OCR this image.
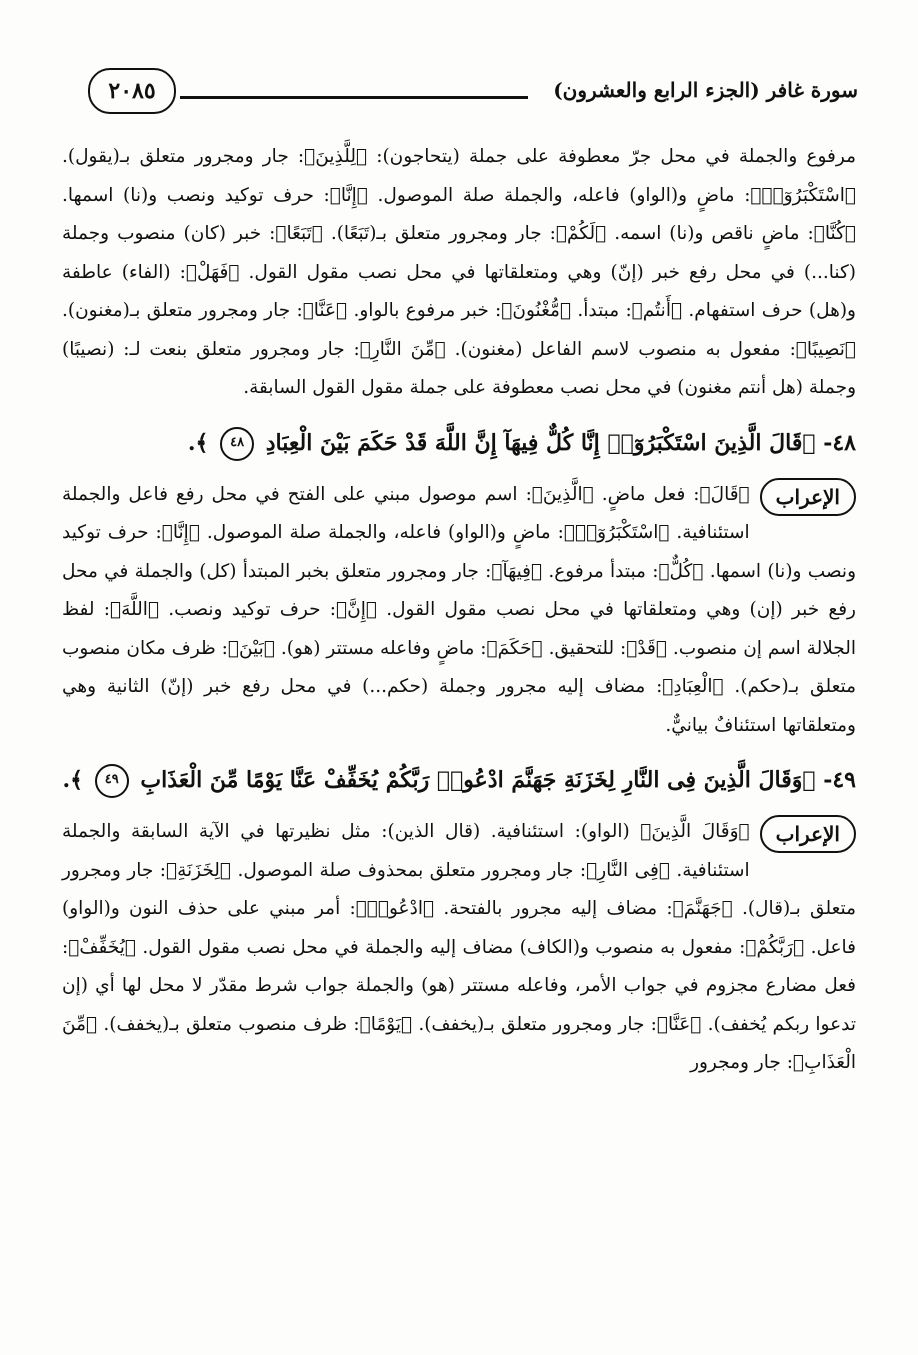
سورة غافر (الجزء الرابع والعشرون)
٢٠٨٥

مرفوع والجملة في محل جرّ معطوفة على جملة (يتحاجون): ﴿لِلَّذِينَ﴾: جار ومجرور متعلق بـ(يقول). ﴿اسْتَكْبَرُوٓا۟﴾: ماضٍ و(الواو) فاعله، والجملة صلة الموصول. ﴿إِنَّا﴾: حرف توكيد ونصب و(نا) اسمها. ﴿كُنَّا﴾: ماضٍ ناقص و(نا) اسمه. ﴿لَكُمْ﴾: جار ومجرور متعلق بـ(تَبَعًا). ﴿تَبَعًا﴾: خبر (كان) منصوب وجملة (كنا...) في محل رفع خبر (إنّ) وهي ومتعلقاتها في محل نصب مقول القول. ﴿فَهَلْ﴾: (الفاء) عاطفة و(هل) حرف استفهام. ﴿أَنتُم﴾: مبتدأ. ﴿مُّغْنُونَ﴾: خبر مرفوع بالواو. ﴿عَنَّا﴾: جار ومجرور متعلق بـ(مغنون). ﴿نَصِيبًا﴾: مفعول به منصوب لاسم الفاعل (مغنون). ﴿مِّنَ النَّارِ﴾: جار ومجرور متعلق بنعت لـ: (نصيبًا) وجملة (هل أنتم مغنون) في محل نصب معطوفة على جملة مقول القول السابقة.

٤٨- ﴿قَالَ الَّذِينَ اسْتَكْبَرُوٓا۟ إِنَّا كُلٌّ فِيهَآ إِنَّ اللَّهَ قَدْ حَكَمَ بَيْنَ الْعِبَادِ ٤٨ ﴾.

الإعراب
﴿قَالَ﴾: فعل ماضٍ. ﴿الَّذِينَ﴾: اسم موصول مبني على الفتح في محل رفع فاعل والجملة استئنافية. ﴿اسْتَكْبَرُوٓا۟﴾: ماضٍ و(الواو) فاعله، والجملة صلة الموصول. ﴿إِنَّا﴾: حرف توكيد ونصب و(نا) اسمها. ﴿كُلٌّ﴾: مبتدأ مرفوع. ﴿فِيهَآ﴾: جار ومجرور متعلق بخبر المبتدأ (كل) والجملة في محل رفع خبر (إن) وهي ومتعلقاتها في محل نصب مقول القول. ﴿إِنَّ﴾: حرف توكيد ونصب. ﴿اللَّهَ﴾: لفظ الجلالة اسم إن منصوب. ﴿قَدْ﴾: للتحقيق. ﴿حَكَمَ﴾: ماضٍ وفاعله مستتر (هو). ﴿بَيْنَ﴾: ظرف مكان منصوب متعلق بـ(حكم). ﴿الْعِبَادِ﴾: مضاف إليه مجرور وجملة (حكم...) في محل رفع خبر (إنّ) الثانية وهي ومتعلقاتها استئنافٌ بيانيٌّ.

٤٩- ﴿وَقَالَ الَّذِينَ فِى النَّارِ لِخَزَنَةِ جَهَنَّمَ ادْعُوا۟ رَبَّكُمْ يُخَفِّفْ عَنَّا يَوْمًا مِّنَ الْعَذَابِ ٤٩ ﴾.

الإعراب
﴿وَقَالَ الَّذِينَ﴾ (الواو): استئنافية. (قال الذين): مثل نظيرتها في الآية السابقة والجملة استئنافية. ﴿فِى النَّارِ﴾: جار ومجرور متعلق بمحذوف صلة الموصول. ﴿لِخَزَنَةِ﴾: جار ومجرور متعلق بـ(قال). ﴿جَهَنَّمَ﴾: مضاف إليه مجرور بالفتحة. ﴿ادْعُوا۟﴾: أمر مبني على حذف النون و(الواو) فاعل. ﴿رَبَّكُمْ﴾: مفعول به منصوب و(الكاف) مضاف إليه والجملة في محل نصب مقول القول. ﴿يُخَفِّفْ﴾: فعل مضارع مجزوم في جواب الأمر، وفاعله مستتر (هو) والجملة جواب شرط مقدّر لا محل لها أي (إن تدعوا ربكم يُخفف). ﴿عَنَّا﴾: جار ومجرور متعلق بـ(يخفف). ﴿يَوْمًا﴾: ظرف منصوب متعلق بـ(يخفف). ﴿مِّنَ الْعَذَابِ﴾: جار ومجرور
